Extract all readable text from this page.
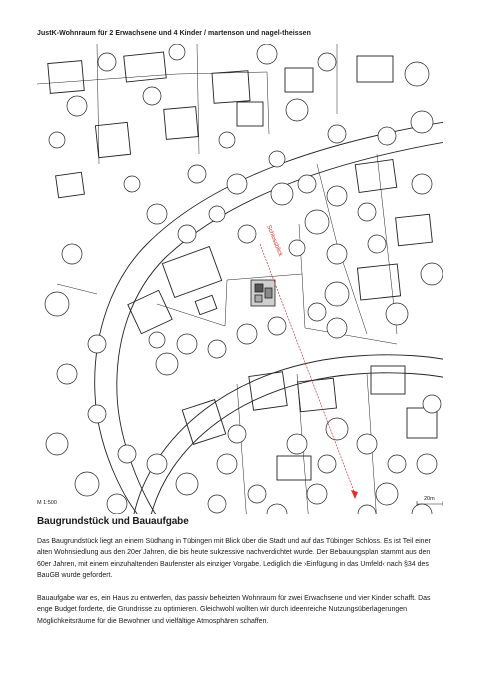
JustK-Wohnraum für 2 Erwachsene und 4 Kinder / martenson und nagel-theissen
Schlossblick
M 1:500
20m
Baugrundstück und Bauaufgabe

Das Baugrundstück liegt an einem Südhang in Tübingen mit Blick über die Stadt und auf das Tübinger Schloss. Es ist Teil einer alten Wohnsiedlung aus den 20er Jahren, die bis heute sukzessive nachverdichtet wurde. Der Bebauungsplan stammt aus den 60er Jahren, mit einem einzuhaltenden Baufenster als einziger Vorgabe. Lediglich die ›Einfügung in das Umfeld‹ nach §34 des BauGB wurde gefordert.

Bauaufgabe war es, ein Haus zu entwerfen, das passiv beheizten Wohnraum für zwei Erwachsene und vier Kinder schafft. Das enge Budget forderte, die Grundrisse zu optimieren. Gleichwohl wollten wir durch ideenreiche Nutzungsüberlagerungen Möglichkeitsräume für die Bewohner und vielfältige Atmosphären schaffen.
